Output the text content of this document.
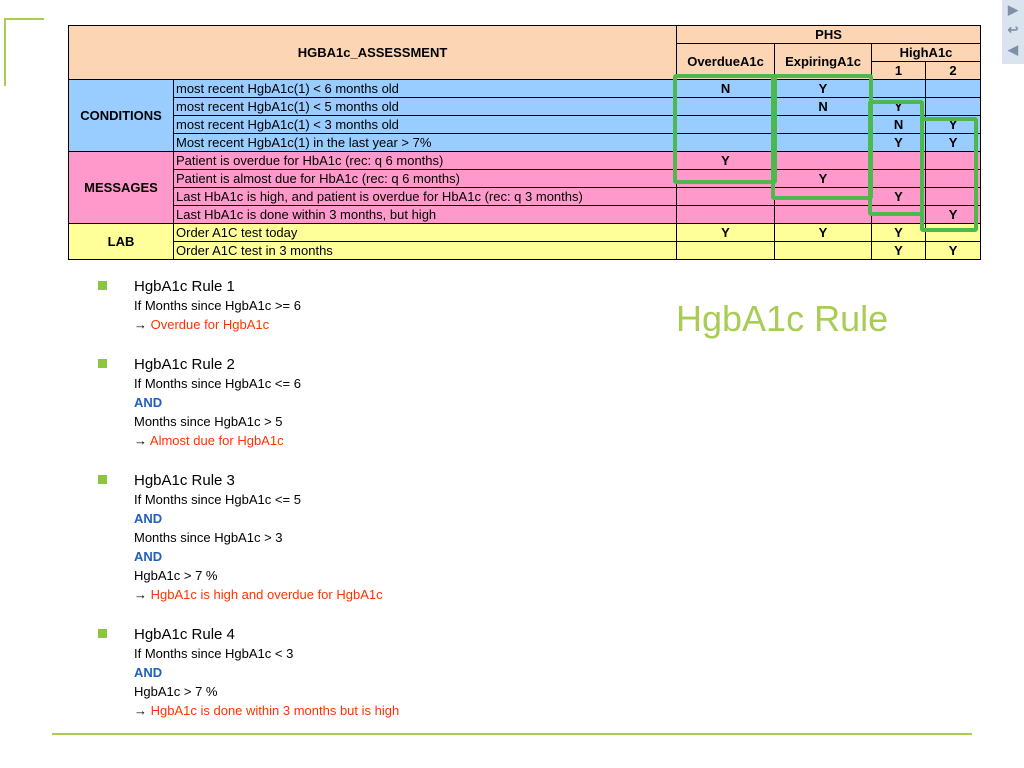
▶
↩
◀
HGBA1c_ASSESSMENT		PHS			
		OverdueA1c	ExpiringA1c	HighA1c	
				1	2
CONDITIONS	most recent HgbA1c(1) < 6 months old	N	Y		
	most recent HgbA1c(1) < 5 months old		N	Y	
	most recent HgbA1c(1) < 3 months old			N	Y
	Most recent HgbA1c(1) in the last year > 7%			Y	Y
MESSAGES	Patient is overdue for HbA1c (rec: q 6 months)	Y			
	Patient is almost due for HbA1c (rec: q 6 months)		Y		
	Last HbA1c is high, and patient is overdue for HbA1c (rec: q 3 months)			Y	
	Last HbA1c is done within 3 months, but high				Y
LAB	Order A1C test today	Y	Y	Y	
	Order A1C test in 3 months			Y	Y
HgbA1c Rule 1
If Months since HgbA1c >= 6
→ Overdue for HgbA1c
HgbA1c Rule 2
If Months since HgbA1c <= 6
AND
Months since HgbA1c > 5
→ Almost due for HgbA1c
HgbA1c Rule 3
If Months since HgbA1c <= 5
AND
Months since HgbA1c > 3
AND
HgbA1c > 7 %
→ HgbA1c is high and overdue for HgbA1c
HgbA1c Rule 4
If Months since HgbA1c < 3
AND
HgbA1c > 7 %
→ HgbA1c is done within 3 months but is high
HgbA1c Rule
